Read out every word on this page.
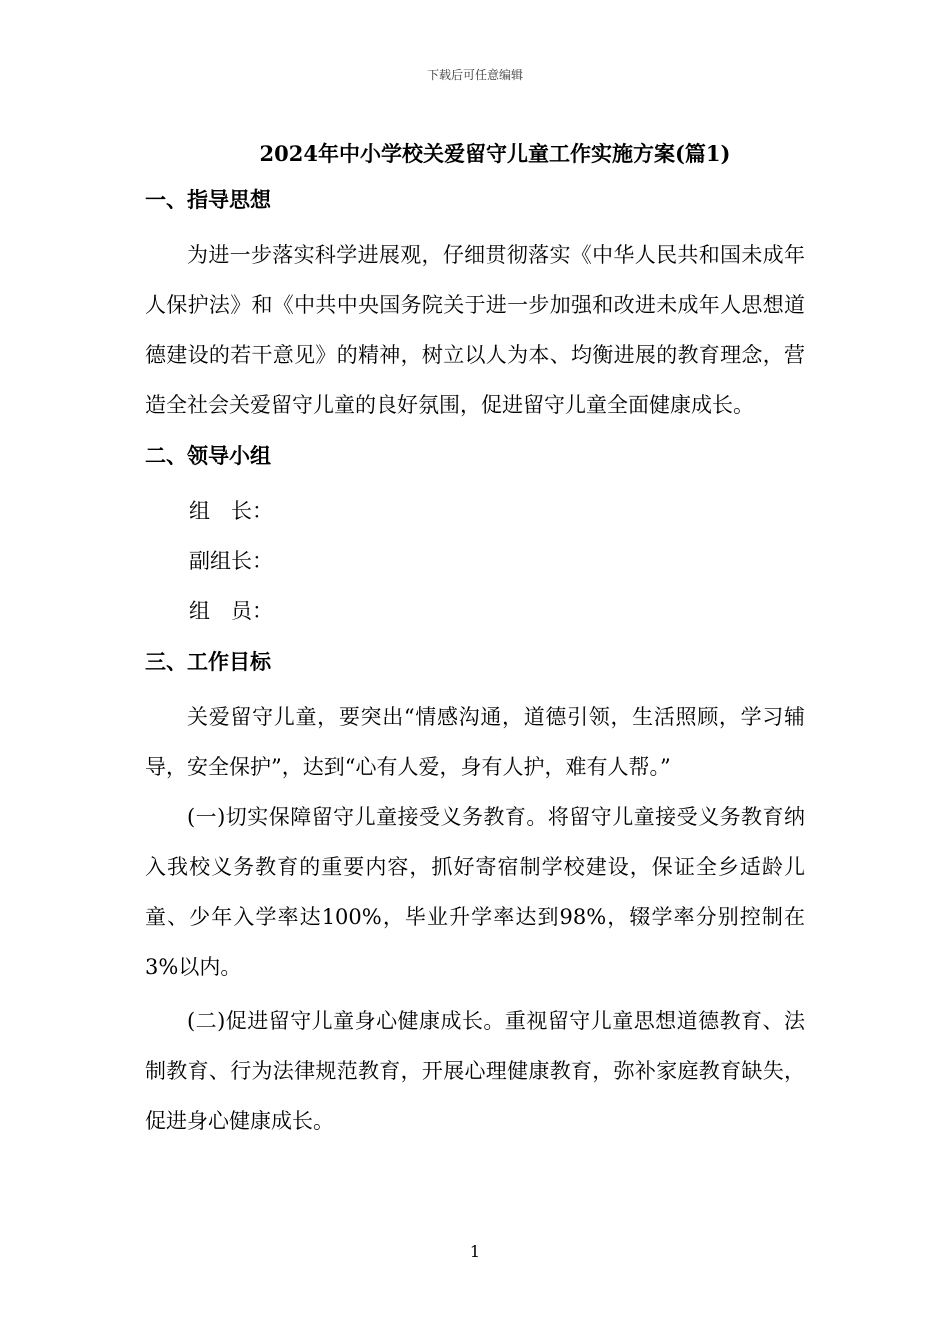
下载后可任意编辑
2024年中小学校关爱留守儿童工作实施方案(篇1)
一、指导思想

为进一步落实科学进展观，仔细贯彻落实《中华人民共和国未成年人保护法》和《中共中央国务院关于进一步加强和改进未成年人思想道德建设的若干意见》的精神，树立以人为本、均衡进展的教育理念，营造全社会关爱留守儿童的良好氛围，促进留守儿童全面健康成长。

二、领导小组

组　长：

副组长：

组　员：

三、工作目标

关爱留守儿童，要突出“情感沟通，道德引领，生活照顾，学习辅导，安全保护”，达到“心有人爱，身有人护，难有人帮。”

(一)切实保障留守儿童接受义务教育。将留守儿童接受义务教育纳入我校义务教育的重要内容，抓好寄宿制学校建设，保证全乡适龄儿童、少年入学率达100%，毕业升学率达到98%，辍学率分别控制在3%以内。

(二)促进留守儿童身心健康成长。重视留守儿童思想道德教育、法制教育、行为法律规范教育，开展心理健康教育，弥补家庭教育缺失，促进身心健康成长。

1
